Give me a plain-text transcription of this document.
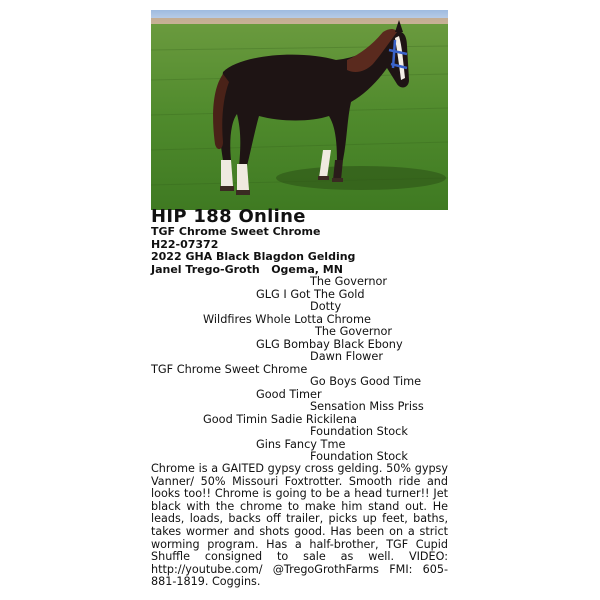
HIP 188 Online
TGF Chrome Sweet Chrome
H22-07372
2022 GHA Black Blagdon Gelding
Janel Trego-Groth Ogema, MN
The Governor
GLG I Got The Gold
Dotty
Wildfires Whole Lotta Chrome
The Governor
GLG Bombay Black Ebony
Dawn Flower
TGF Chrome Sweet Chrome
Go Boys Good Time
Good Timer
Sensation Miss Priss
Good Timin Sadie Rickilena
Foundation Stock
Gins Fancy Tme
Foundation Stock
Chrome is a GAITED gypsy cross gelding. 50% gypsy Vanner/ 50% Missouri Foxtrotter. Smooth ride and looks too!! Chrome is going to be a head turner!! Jet black with the chrome to make him stand out. He leads, loads, backs off trailer, picks up feet, baths, takes wormer and shots good. Has been on a strict worming program. Has a half-brother, TGF Cupid Shuffle consigned to sale as well. VIDEO: http://youtube.com/ @TregoGrothFarms FMI: 605-881-1819. Coggins.
